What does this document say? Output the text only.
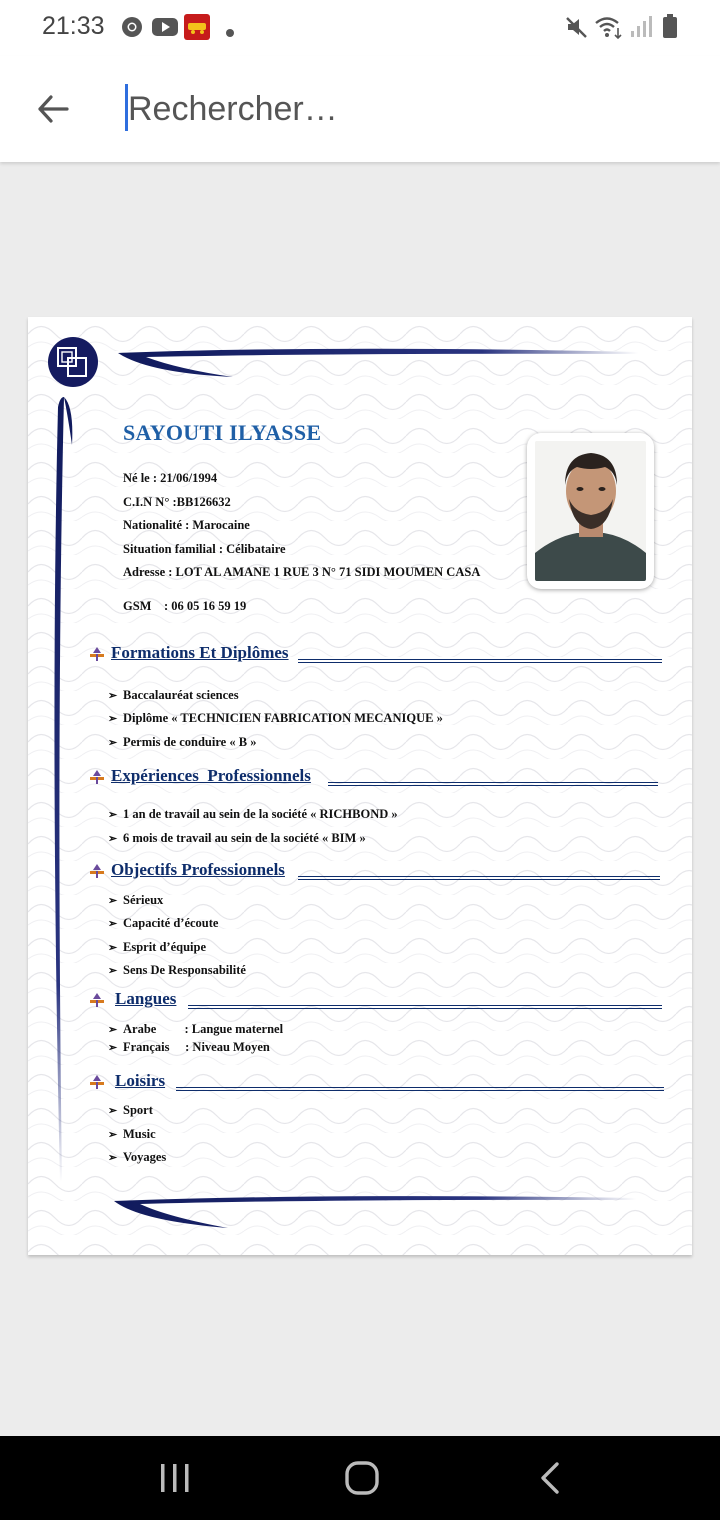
21:33
Rechercher…
SAYOUTI ILYASSE
Né le : 21/06/1994
C.I.N N° :BB126632
Nationalité : Marocaine
Situation familial : Célibataire
Adresse : LOT AL AMANE 1 RUE 3 N° 71 SIDI MOUMEN CASA
GSM    : 06 05 16 59 19
Formations Et Diplômes
➢ Baccalauréat sciences
➢ Diplôme « TECHNICIEN FABRICATION MECANIQUE »
➢ Permis de conduire « B »
Expériences  Professionnels
➢ 1 an de travail au sein de la société « RICHBOND »
➢ 6 mois de travail au sein de la société « BIM »
Objectifs Professionnels
➢ Sérieux
➢ Capacité d’écoute
➢ Esprit d’équipe
➢ Sens De Responsabilité
Langues
➢ Arabe         : Langue maternel
➢ Français     : Niveau Moyen
Loisirs
➢ Sport
➢ Music
➢ Voyages
